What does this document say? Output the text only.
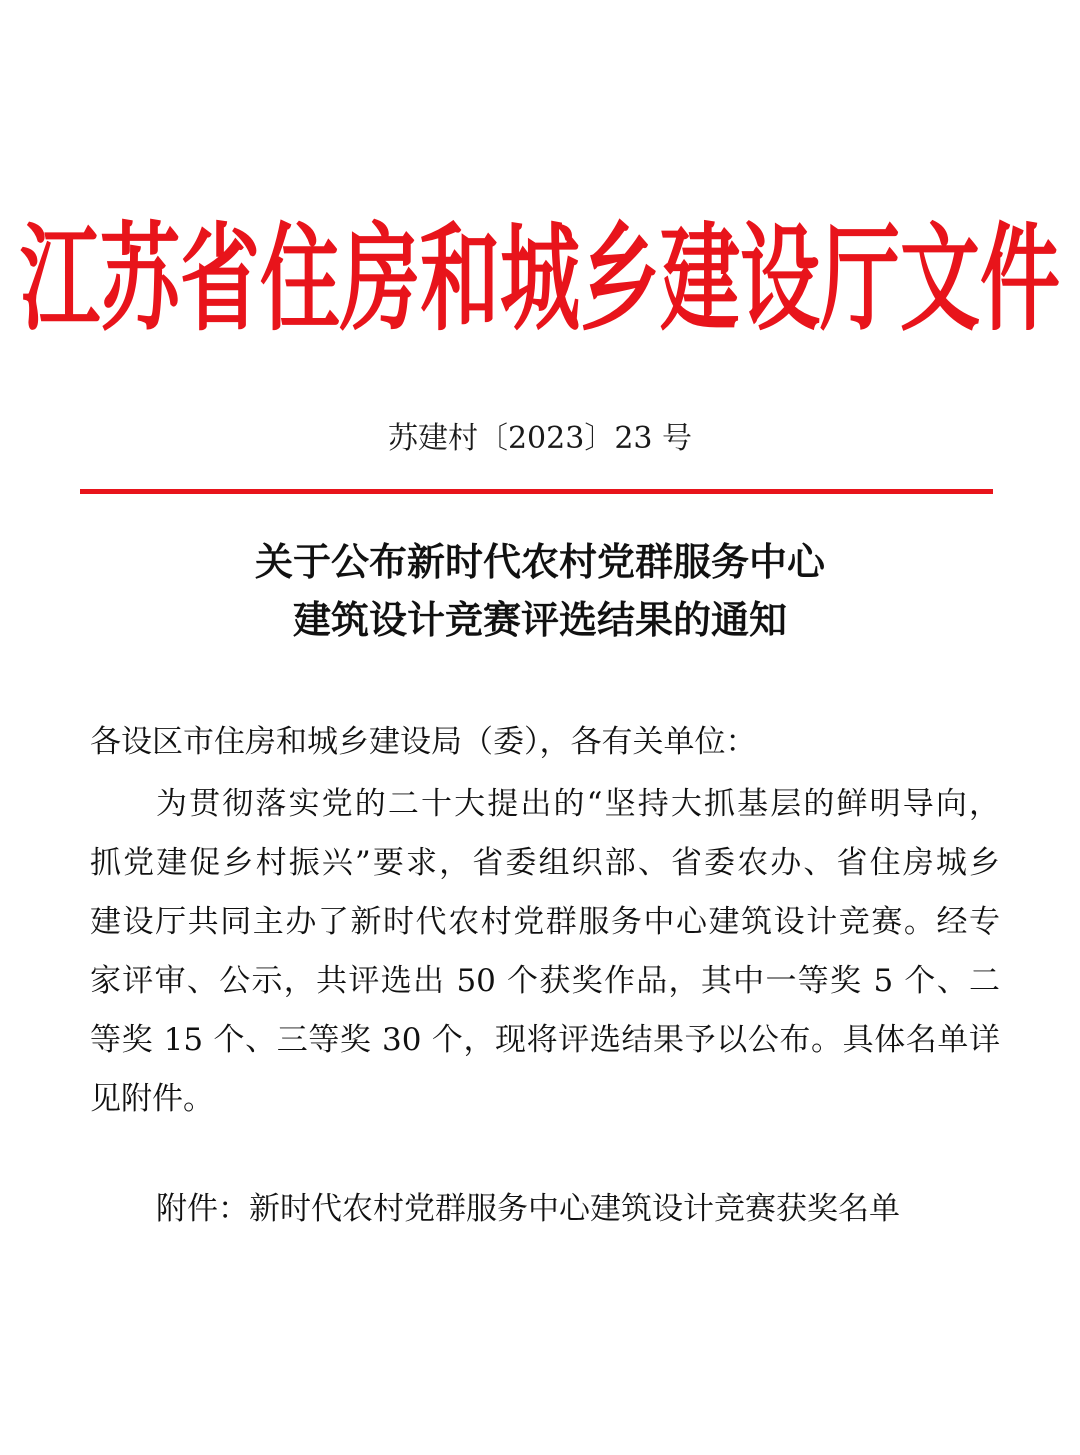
江苏省住房和城乡建设厅文件
苏建村〔2023〕23 号
关于公布新时代农村党群服务中心
建筑设计竞赛评选结果的通知
各设区市住房和城乡建设局（委），各有关单位：
为贯彻落实党的二十大提出的“坚持大抓基层的鲜明导向，
抓党建促乡村振兴”要求，省委组织部、省委农办、省住房城乡
建设厅共同主办了新时代农村党群服务中心建筑设计竞赛。经专
家评审、公示，共评选出 50 个获奖作品，其中一等奖 5 个、二
等奖 15 个、三等奖 30 个，现将评选结果予以公布。具体名单详
见附件。
附件：新时代农村党群服务中心建筑设计竞赛获奖名单
